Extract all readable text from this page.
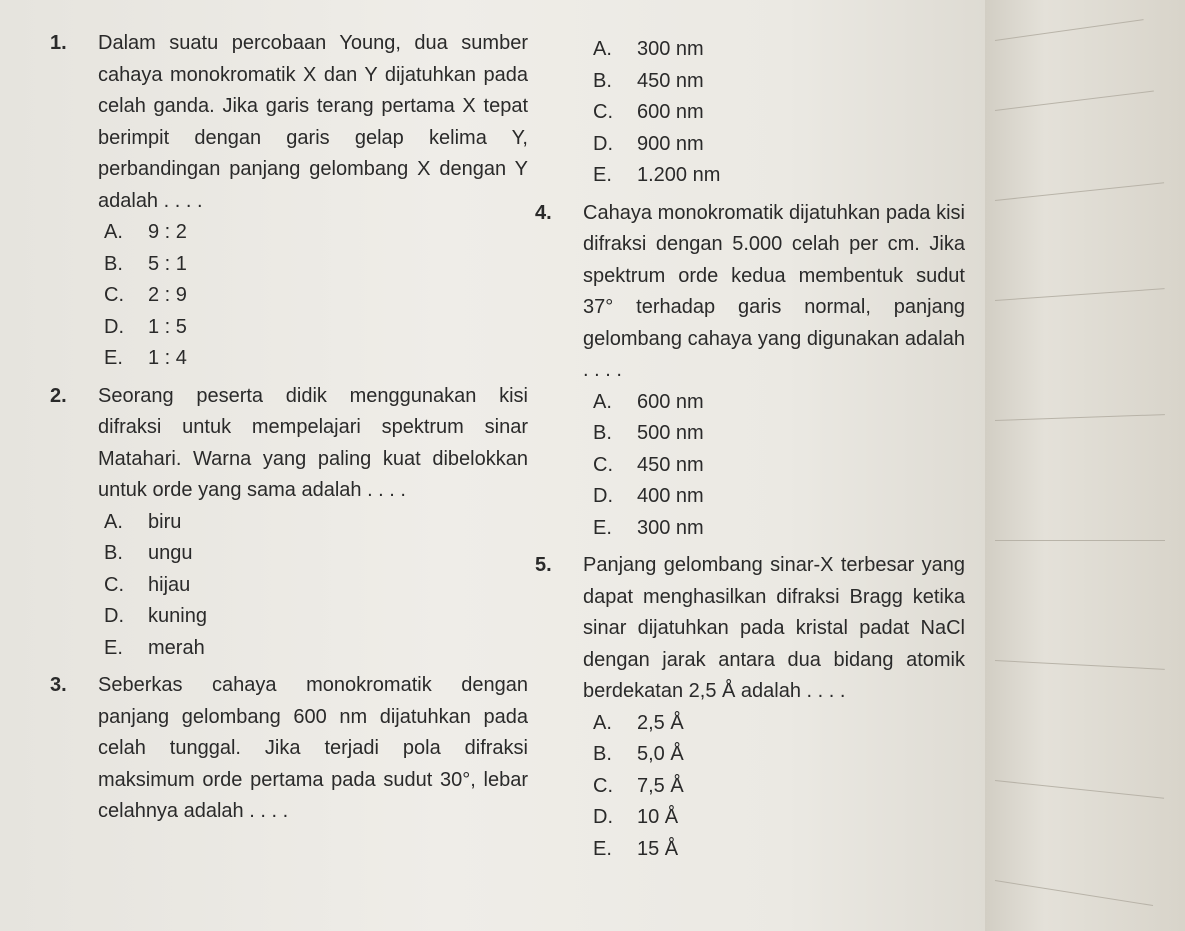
1. Dalam suatu percobaan Young, dua sumber cahaya monokromatik X dan Y dijatuhkan pada celah ganda. Jika garis terang pertama X tepat berimpit dengan garis gelap kelima Y, perbandingan panjang gelombang X dengan Y adalah . . . .
A.	9 : 2
B.	5 : 1
C.	2 : 9
D.	1 : 5
E.	1 : 4
2. Seorang peserta didik menggunakan kisi difraksi untuk mempelajari spektrum sinar Matahari. Warna yang paling kuat dibelokkan untuk orde yang sama adalah . . . .
A.	biru
B.	ungu
C.	hijau
D.	kuning
E.	merah
3. Seberkas cahaya monokromatik dengan panjang gelombang 600 nm dijatuhkan pada celah tunggal. Jika terjadi pola difraksi maksimum orde pertama pada sudut 30°, lebar celahnya adalah . . . .
A.	300 nm
B.	450 nm
C.	600 nm
D.	900 nm
E.	1.200 nm
4. Cahaya monokromatik dijatuhkan pada kisi difraksi dengan 5.000 celah per cm. Jika spektrum orde kedua membentuk sudut 37° terhadap garis normal, panjang gelombang cahaya yang digunakan adalah . . . .
A.	600 nm
B.	500 nm
C.	450 nm
D.	400 nm
E.	300 nm
5. Panjang gelombang sinar-X terbesar yang dapat menghasilkan difraksi Bragg ketika sinar dijatuhkan pada kristal padat NaCl dengan jarak antara dua bidang atomik berdekatan 2,5 Å adalah . . . .
A.	2,5 Å
B.	5,0 Å
C.	7,5 Å
D.	10 Å
E.	15 Å
